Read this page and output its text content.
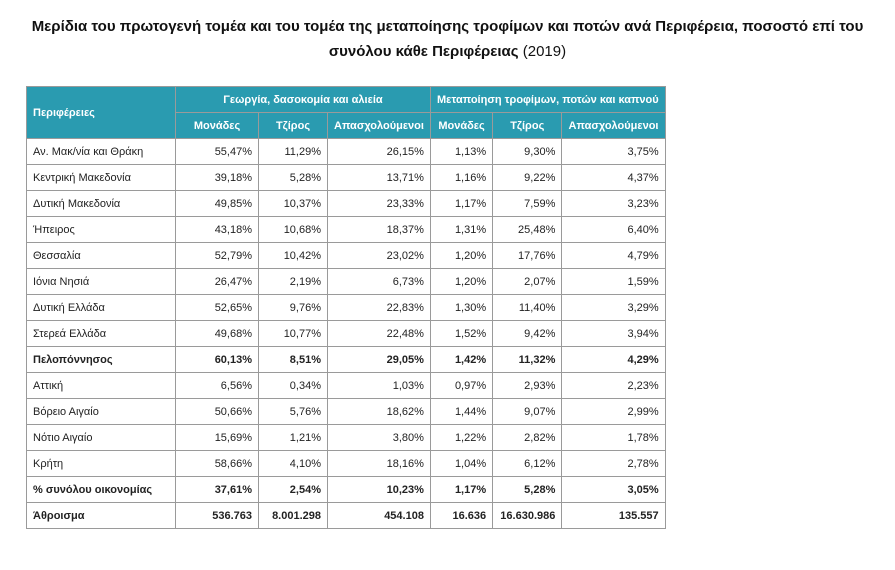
Μερίδια του πρωτογενή τομέα και του τομέα της μεταποίησης τροφίμων και ποτών ανά Περιφέρεια, ποσοστό επί του συνόλου κάθε Περιφέρειας (2019)
Περιφέρειες	Γεωργία, δασοκομία και αλιεία			Μεταποίηση τροφίμων, ποτών και καπνού		
	Μονάδες	Τζίρος	Απασχολούμενοι	Μονάδες	Τζίρος	Απασχολούμενοι
Αν. Μακ/νία και Θράκη	55,47%	11,29%	26,15%	1,13%	9,30%	3,75%
Κεντρική Μακεδονία	39,18%	5,28%	13,71%	1,16%	9,22%	4,37%
Δυτική Μακεδονία	49,85%	10,37%	23,33%	1,17%	7,59%	3,23%
Ήπειρος	43,18%	10,68%	18,37%	1,31%	25,48%	6,40%
Θεσσαλία	52,79%	10,42%	23,02%	1,20%	17,76%	4,79%
Ιόνια Νησιά	26,47%	2,19%	6,73%	1,20%	2,07%	1,59%
Δυτική Ελλάδα	52,65%	9,76%	22,83%	1,30%	11,40%	3,29%
Στερεά Ελλάδα	49,68%	10,77%	22,48%	1,52%	9,42%	3,94%
Πελοπόννησος	60,13%	8,51%	29,05%	1,42%	11,32%	4,29%
Αττική	6,56%	0,34%	1,03%	0,97%	2,93%	2,23%
Βόρειο Αιγαίο	50,66%	5,76%	18,62%	1,44%	9,07%	2,99%
Νότιο Αιγαίο	15,69%	1,21%	3,80%	1,22%	2,82%	1,78%
Κρήτη	58,66%	4,10%	18,16%	1,04%	6,12%	2,78%
% συνόλου οικονομίας	37,61%	2,54%	10,23%	1,17%	5,28%	3,05%
Άθροισμα	536.763	8.001.298	454.108	16.636	16.630.986	135.557
